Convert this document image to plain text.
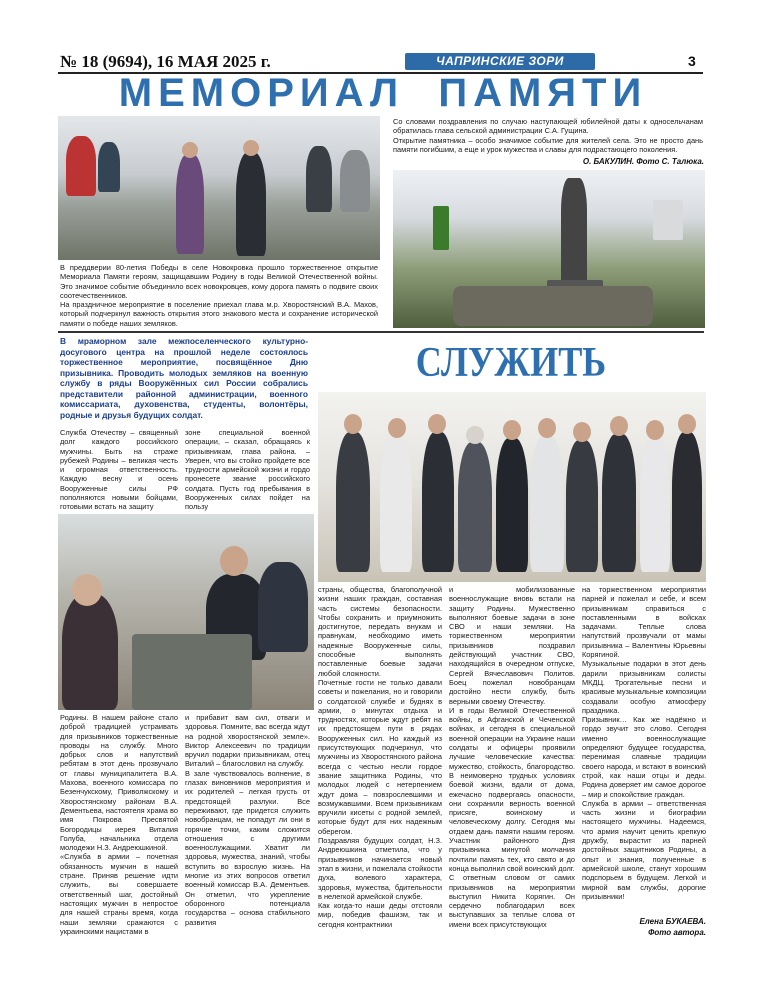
№ 18 (9694), 16 МАЯ 2025 г.	ЧАПРИНСКИЕ ЗОРИ	3
МЕМОРИАЛ  ПАМЯТИ
В преддверии 80-летия Победы в селе Новокровка прошло торжественное открытие Мемориала Памяти героям, защищавшим Родину в годы Великой Отечественной войны. Это значимое событие объединило всех новокровцев, кому дорога память о подвиге своих соотечественников.
На праздничное мероприятие в поселение приехал глава м.р. Хворостянский В.А. Махов, который подчеркнул важность открытия этого знакового места и сохранение исторической памяти о победе наших земляков.
Со словами поздравления по случаю наступающей юбилейной даты к односельчанам обратилась глава сельской администрации С.А. Гущина.
Открытие памятника – особо значимое событие для жителей села. Это не просто дань памяти погибшим, а еще и урок мужества и славы для подрастающего поколения.
О. БАКУЛИН. Фото С. Талюка.
В мраморном зале межпоселенческого культурно-досугового центра на прошлой неделе состоялось торжественное мероприятие, посвящённое Дню призывника. Проводить молодых земляков на военную службу в ряды Вооружённых сил России собрались представители районной администрации, военного комиссариата, духовенства, студенты, волонтёры, родные и друзья будущих солдат.
СЛУЖИТЬ
Служба Отечеству – священный долг каждого российского мужчины. Быть на страже рубежей Родины – великая честь и огромная ответственность. Каждую весну и осень Вооруженные силы РФ пополняются новыми бойцами, готовыми встать на защиту
зоне специальной военной операции, – сказал, обращаясь к призывникам, глава района. – Уверен, что вы стойко пройдете все трудности армейской жизни и гордо пронесете звание российского солдата. Пусть год пребывания в Вооруженных силах пойдет на пользу
Родины. В нашем районе стало доброй традицией устраивать для призывников торжественные проводы на службу. Много добрых слов и напутствий ребятам в этот день прозвучало от главы муниципалитета В.А. Махова, военного комиссара по Безенчукскому, Приволжскому и Хворостянскому районам В.А. Дементьева, настоятеля храма во имя Покрова Пресвятой Богородицы иерея Виталия Голуба, начальника отдела молодежи Н.З. Андреюшкиной.
«Служба в армии – почетная обязанность мужчин в нашей стране. Приняв решение идти служить, вы совершаете ответственный шаг, достойный настоящих мужчин в непростое для нашей страны время, когда наши земляки сражаются с украинскими нацистами в
и прибавит вам сил, отваги и здоровья. Помните, вас всегда ждут на родной хворостянской земле». Виктор Алексеевич по традиции вручил подарки призывникам, отец Виталий – благословил на службу.
В зале чувствовалось волнение, в глазах виновников мероприятия и их родителей – легкая грусть от предстоящей разлуки. Все переживают, где придется служить новобранцам, не попадут ли они в горячие точки, каким сложится отношения с другими военнослужащими. Хватит ли здоровья, мужества, знаний, чтобы вступить во взрослую жизнь. На многие из этих вопросов ответил военный комиссар В.А. Дементьев. Он отметил, что укрепление оборонного потенциала государства – основа стабильного развития
страны, общества, благополучной жизни наших граждан, составная часть системы безопасности. Чтобы сохранить и приумножить достигнутое, передать внукам и правнукам, необходимо иметь надежные Вооруженные силы, способные выполнять поставленные боевые задачи любой сложности.
Почетные гости не только давали советы и пожелания, но и говорили о солдатской службе и буднях в армии, о минутах отдыха и трудностях, которые ждут ребят на их предстоящем пути в рядах Вооруженных сил. Но каждый из присутствующих подчеркнул, что мужчины из Хворостянского района всегда с честью несли гордое звание защитника Родины, что молодых людей с нетерпением ждут дома – повзрослевшими и возмужавшими. Всем призывникам вручили кисеты с родной землей, которые будут для них надежным оберегом.
Поздравляя будущих солдат, Н.З. Андреюшкина отметила, что у призывников начинается новый этап в жизни, и пожелала стойкости духа, волевого характера, здоровья, мужества, бдительности в нелегкой армейской службе.
Как когда-то наши деды отстояли мир, победив фашизм, так и сегодня контрактники
и мобилизованные военнослужащие вновь встали на защиту Родины. Мужественно выполняют боевые задачи в зоне СВО и наши земляки. На торжественном мероприятии призывников поздравил действующий участник СВО, находящийся в очередном отпуске, Сергей Вячеславович Политов. Боец пожелал новобранцам достойно нести службу, быть верными своему Отечеству.
И в годы Великой Отечественной войны, в Афганской и Чеченской войнах, и сегодня в специальной военной операции на Украине наши солдаты и офицеры проявили лучшие человеческие качества: мужество, стойкость, благородство. В неимоверно трудных условиях боевой жизни, вдали от дома, ежечасно подвергаясь опасности, они сохранили верность военной присяге, воинскому и человеческому долгу. Сегодня мы отдаем дань памяти нашим героям. Участник районного Дня призывника минутой молчания почтили память тех, кто свято и до конца выполнил свой воинский долг.
С ответным словом от самих призывников на мероприятии выступил Никита Корягин. Он сердечно поблагодарил всех выступавших за теплые слова от имени всех присутствующих
на торжественном мероприятии парней и пожелал и себе, и всем призывникам справиться с поставленными в войсках задачами. Теплые слова напутствий прозвучали от мамы призывника – Валентины Юрьевны Корягиной.
Музыкальные подарки в этот день дарили призывникам солисты МКДЦ. Трогательные песни и красивые музыкальные композиции создавали особую атмосферу праздника.
Призывник… Как же надёжно и гордо звучит это слово. Сегодня именно военнослужащие определяют будущее государства, перенимая славные традиции своего народа, и встают в воинский строй, как наши отцы и деды. Родина доверяет им самое дорогое – мир и спокойствие граждан.
Служба в армии – ответственная часть жизни и биографии настоящего мужчины. Надеемся, что армия научит ценить крепкую дружбу, вырастит из парней достойных защитников Родины, а опыт и знания, полученные в армейской школе, станут хорошим подспорьем в будущем. Легкой и мирной вам службы, дорогие призывники!
Елена БУКАЕВА.
Фото автора.
